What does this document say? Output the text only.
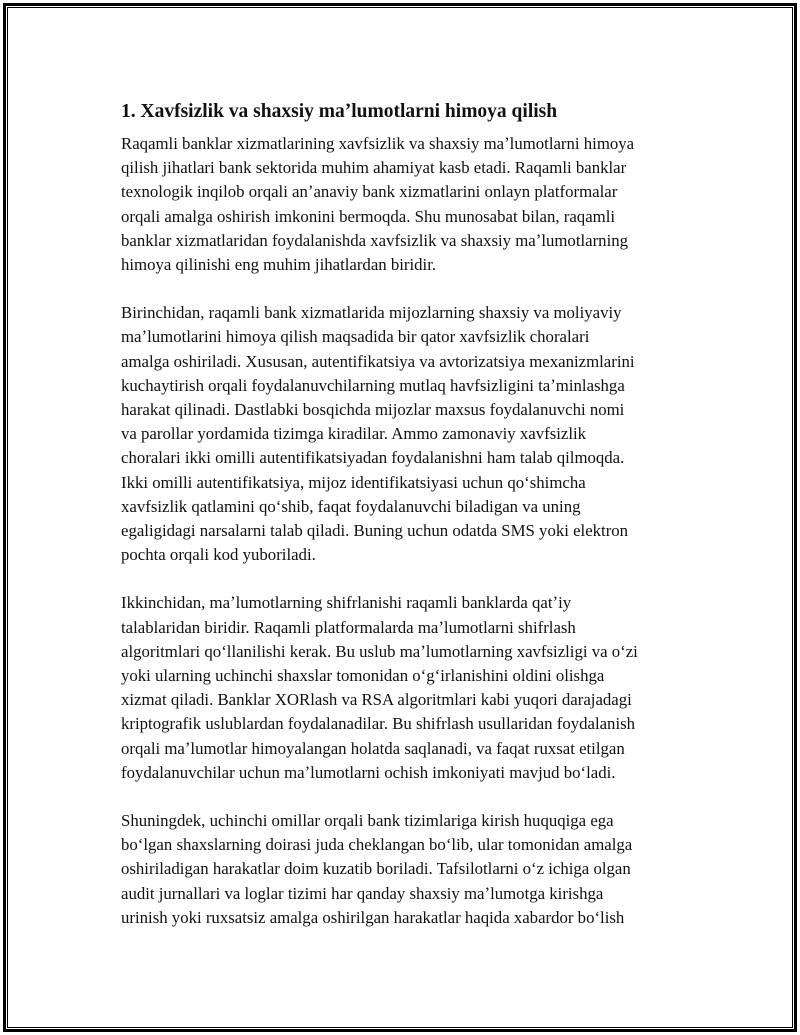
1. Xavfsizlik va shaxsiy maʼlumotlarni himoya qilish
Raqamli banklar xizmatlarining xavfsizlik va shaxsiy maʼlumotlarni himoya
qilish jihatlari bank sektorida muhim ahamiyat kasb etadi. Raqamli banklar
texnologik inqilob orqali anʼanaviy bank xizmatlarini onlayn platformalar
orqali amalga oshirish imkonini bermoqda. Shu munosabat bilan, raqamli
banklar xizmatlaridan foydalanishda xavfsizlik va shaxsiy maʼlumotlarning
himoya qilinishi eng muhim jihatlardan biridir.
Birinchidan, raqamli bank xizmatlarida mijozlarning shaxsiy va moliyaviy
maʼlumotlarini himoya qilish maqsadida bir qator xavfsizlik choralari
amalga oshiriladi. Xususan, autentifikatsiya va avtorizatsiya mexanizmlarini
kuchaytirish orqali foydalanuvchilarning mutlaq havfsizligini taʼminlashga
harakat qilinadi. Dastlabki bosqichda mijozlar maxsus foydalanuvchi nomi
va parollar yordamida tizimga kiradilar. Ammo zamonaviy xavfsizlik
choralari ikki omilli autentifikatsiyadan foydalanishni ham talab qilmoqda.
Ikki omilli autentifikatsiya, mijoz identifikatsiyasi uchun qoʻshimcha
xavfsizlik qatlamini qoʻshib, faqat foydalanuvchi biladigan va uning
egaligidagi narsalarni talab qiladi. Buning uchun odatda SMS yoki elektron
pochta orqali kod yuboriladi.
Ikkinchidan, maʼlumotlarning shifrlanishi raqamli banklarda qatʼiy
talablaridan biridir. Raqamli platformalarda maʼlumotlarni shifrlash
algoritmlari qoʻllanilishi kerak. Bu uslub maʼlumotlarning xavfsizligi va oʻzi
yoki ularning uchinchi shaxslar tomonidan oʻgʻirlanishini oldini olishga
xizmat qiladi. Banklar XORlash va RSA algoritmlari kabi yuqori darajadagi
kriptografik uslublardan foydalanadilar. Bu shifrlash usullaridan foydalanish
orqali maʼlumotlar himoyalangan holatda saqlanadi, va faqat ruxsat etilgan
foydalanuvchilar uchun maʼlumotlarni ochish imkoniyati mavjud boʻladi.
Shuningdek, uchinchi omillar orqali bank tizimlariga kirish huquqiga ega
boʻlgan shaxslarning doirasi juda cheklangan boʻlib, ular tomonidan amalga
oshiriladigan harakatlar doim kuzatib boriladi. Tafsilotlarni oʻz ichiga olgan
audit jurnallari va loglar tizimi har qanday shaxsiy maʼlumotga kirishga
urinish yoki ruxsatsiz amalga oshirilgan harakatlar haqida xabardor boʻlish
